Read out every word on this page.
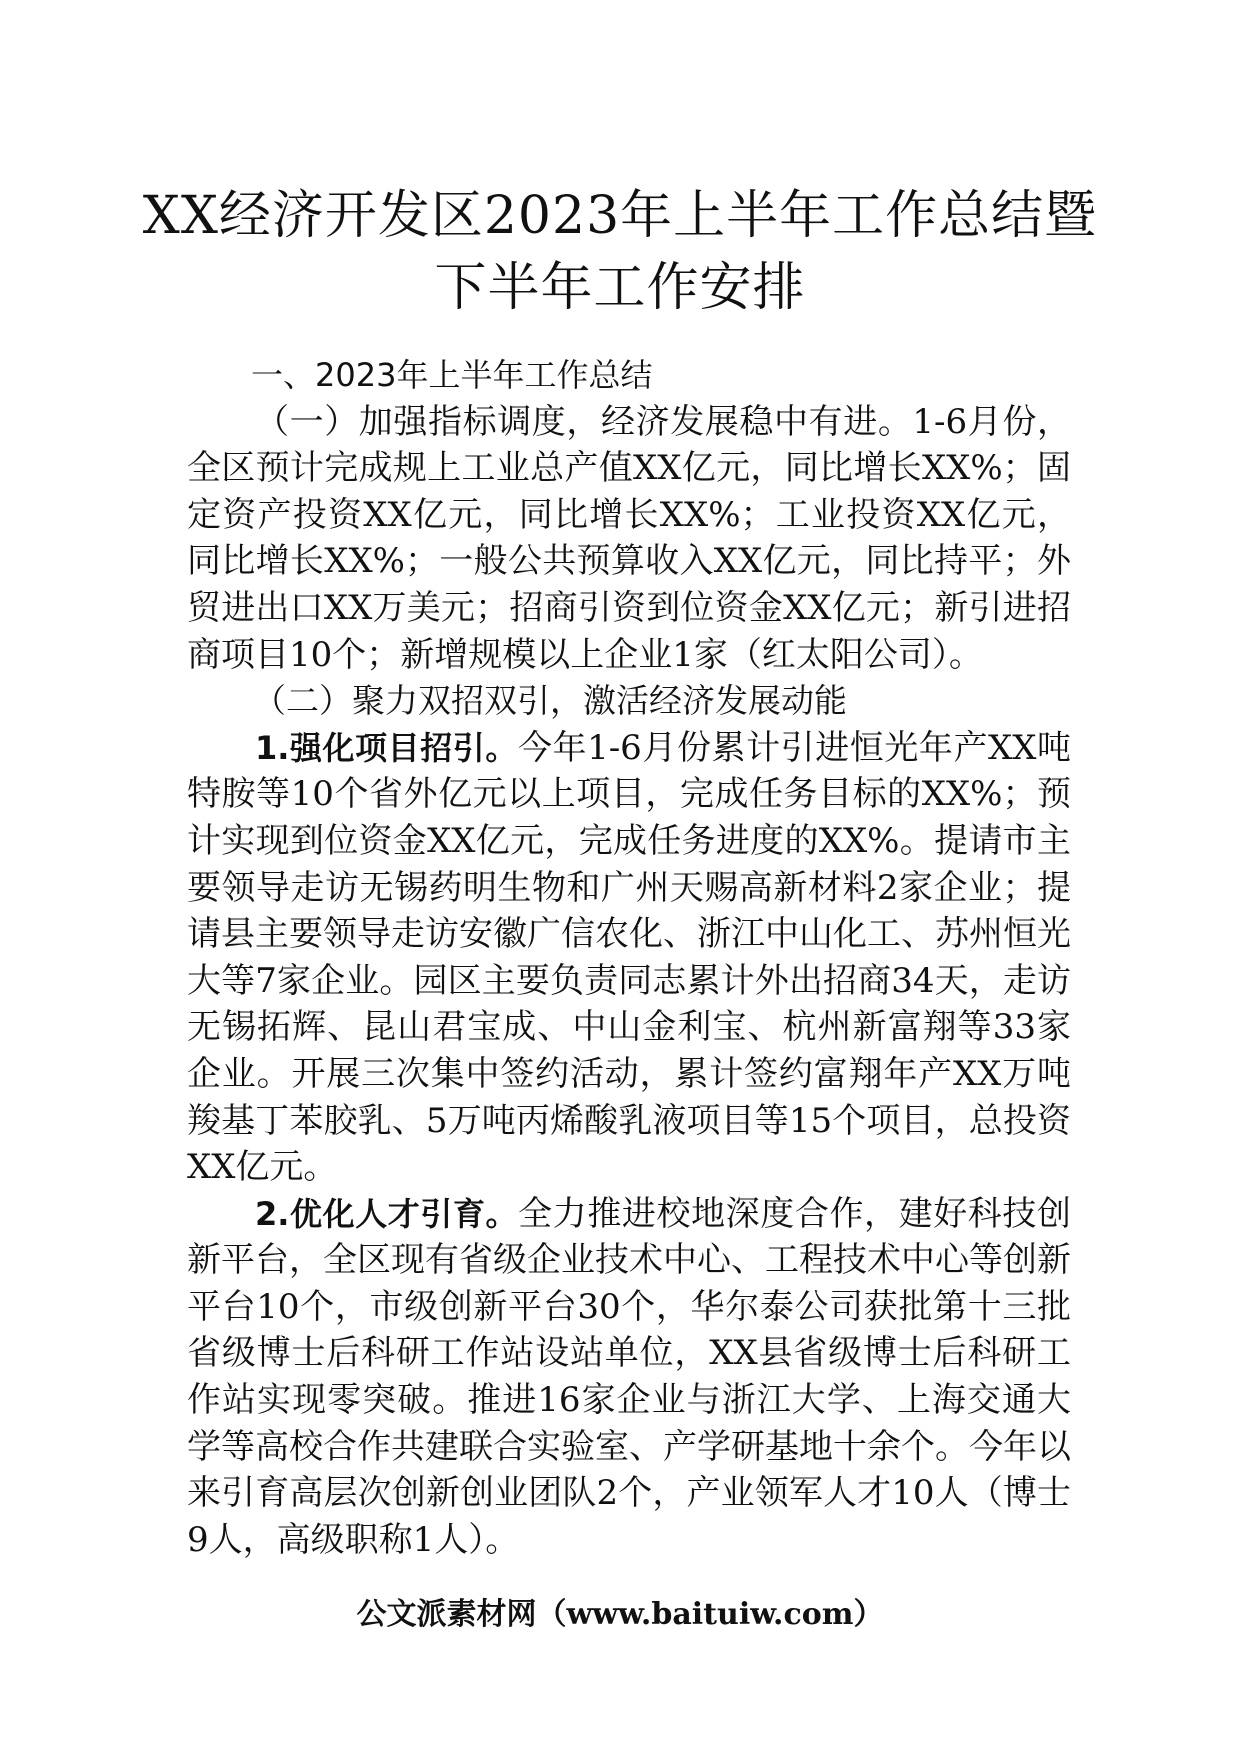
XX经济开发区2023年上半年工作总结暨
下半年工作安排

一、2023年上半年工作总结

（一）加强指标调度，经济发展稳中有进。1-6月份，全区预计完成规上工业总产值XX亿元，同比增长XX%；固定资产投资XX亿元，同比增长XX%；工业投资XX亿元，同比增长XX%；一般公共预算收入XX亿元，同比持平；外贸进出口XX万美元；招商引资到位资金XX亿元；新引进招商项目10个；新增规模以上企业1家（红太阳公司）。

（二）聚力双招双引，激活经济发展动能

1.强化项目招引。今年1-6月份累计引进恒光年产XX吨特胺等10个省外亿元以上项目，完成任务目标的XX%；预计实现到位资金XX亿元，完成任务进度的XX%。提请市主要领导走访无锡药明生物和广州天赐高新材料2家企业；提请县主要领导走访安徽广信农化、浙江中山化工、苏州恒光大等7家企业。园区主要负责同志累计外出招商34天，走访无锡拓辉、昆山君宝成、中山金利宝、杭州新富翔等33家企业。开展三次集中签约活动，累计签约富翔年产XX万吨羧基丁苯胶乳、5万吨丙烯酸乳液项目等15个项目，总投资XX亿元。

2.优化人才引育。全力推进校地深度合作，建好科技创新平台，全区现有省级企业技术中心、工程技术中心等创新平台10个，市级创新平台30个，华尔泰公司获批第十三批省级博士后科研工作站设站单位，XX县省级博士后科研工作站实现零突破。推进16家企业与浙江大学、上海交通大学等高校合作共建联合实验室、产学研基地十余个。今年以来引育高层次创新创业团队2个，产业领军人才10人（博士9人，高级职称1人）。

公文派素材网（www.baituiw.com）
